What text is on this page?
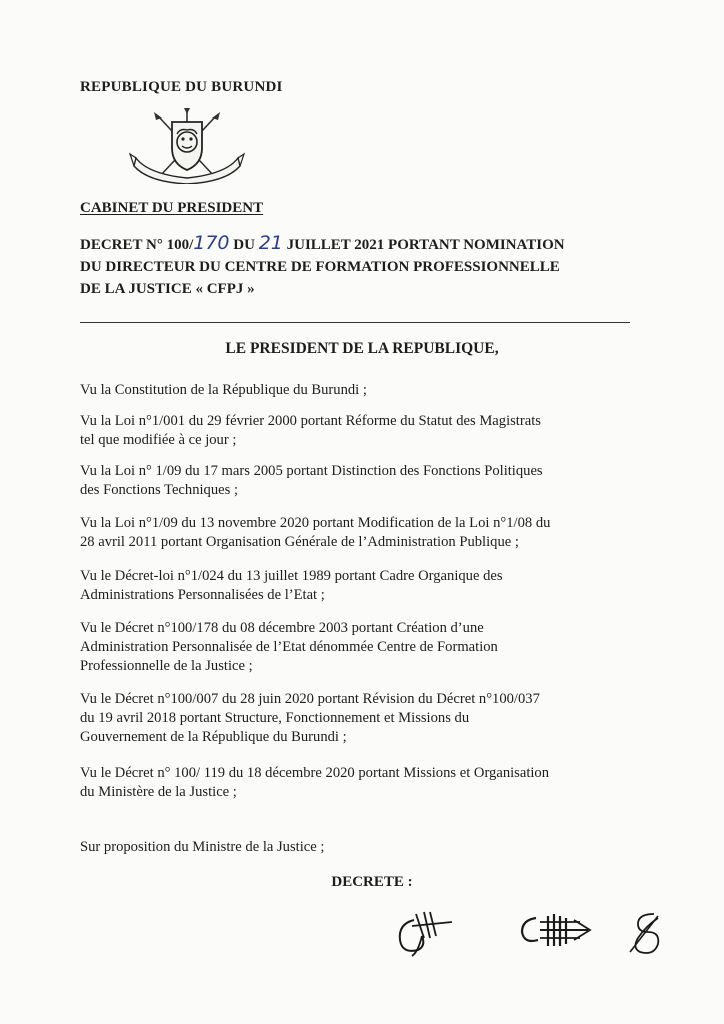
REPUBLIQUE DU BURUNDI
CABINET DU PRESIDENT
DECRET N° 100/170 DU 21 JUILLET 2021 PORTANT NOMINATION
DU DIRECTEUR DU CENTRE DE FORMATION PROFESSIONNELLE
DE LA JUSTICE « CFPJ »
LE PRESIDENT DE LA REPUBLIQUE,
Vu la Constitution de la République du Burundi ;
Vu la Loi n°1/001 du 29 février 2000 portant Réforme du Statut des Magistrats
tel que modifiée à ce jour ;
Vu la Loi n° 1/09 du 17 mars 2005 portant Distinction des Fonctions Politiques
des Fonctions Techniques ;
Vu la Loi n°1/09 du 13 novembre 2020 portant Modification de la Loi n°1/08 du
28 avril 2011 portant Organisation Générale de l’Administration Publique ;
Vu le Décret-loi n°1/024 du 13 juillet 1989 portant Cadre Organique des
Administrations Personnalisées de l’Etat ;
Vu le Décret n°100/178 du 08 décembre 2003 portant Création d’une
Administration Personnalisée de l’Etat dénommée Centre de Formation
Professionnelle de la Justice ;
Vu le Décret n°100/007 du 28 juin 2020 portant Révision du Décret n°100/037
du 19 avril 2018 portant Structure, Fonctionnement et Missions du
Gouvernement de la République du Burundi ;
Vu le Décret n° 100/ 119 du 18 décembre 2020 portant Missions et Organisation
du Ministère de la Justice ;
Sur proposition du Ministre de la Justice ;
DECRETE :
